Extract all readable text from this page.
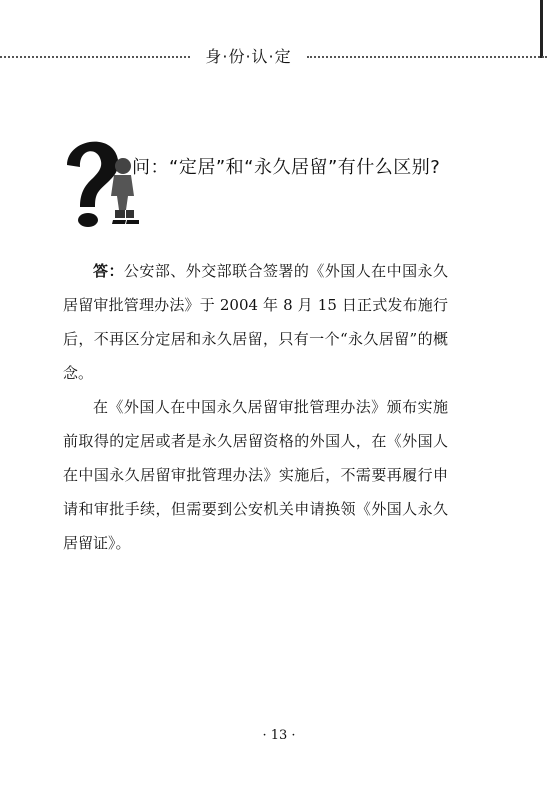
身·份·认·定
问：“定居”和“永久居留”有什么区别?

答：公安部、外交部联合签署的《外国人在中国永久居留审批管理办法》于 2004 年 8 月 15 日正式发布施行后，不再区分定居和永久居留，只有一个“永久居留”的概念。

在《外国人在中国永久居留审批管理办法》颁布实施前取得的定居或者是永久居留资格的外国人，在《外国人在中国永久居留审批管理办法》实施后，不需要再履行申请和审批手续，但需要到公安机关申请换领《外国人永久居留证》。

· 13 ·
